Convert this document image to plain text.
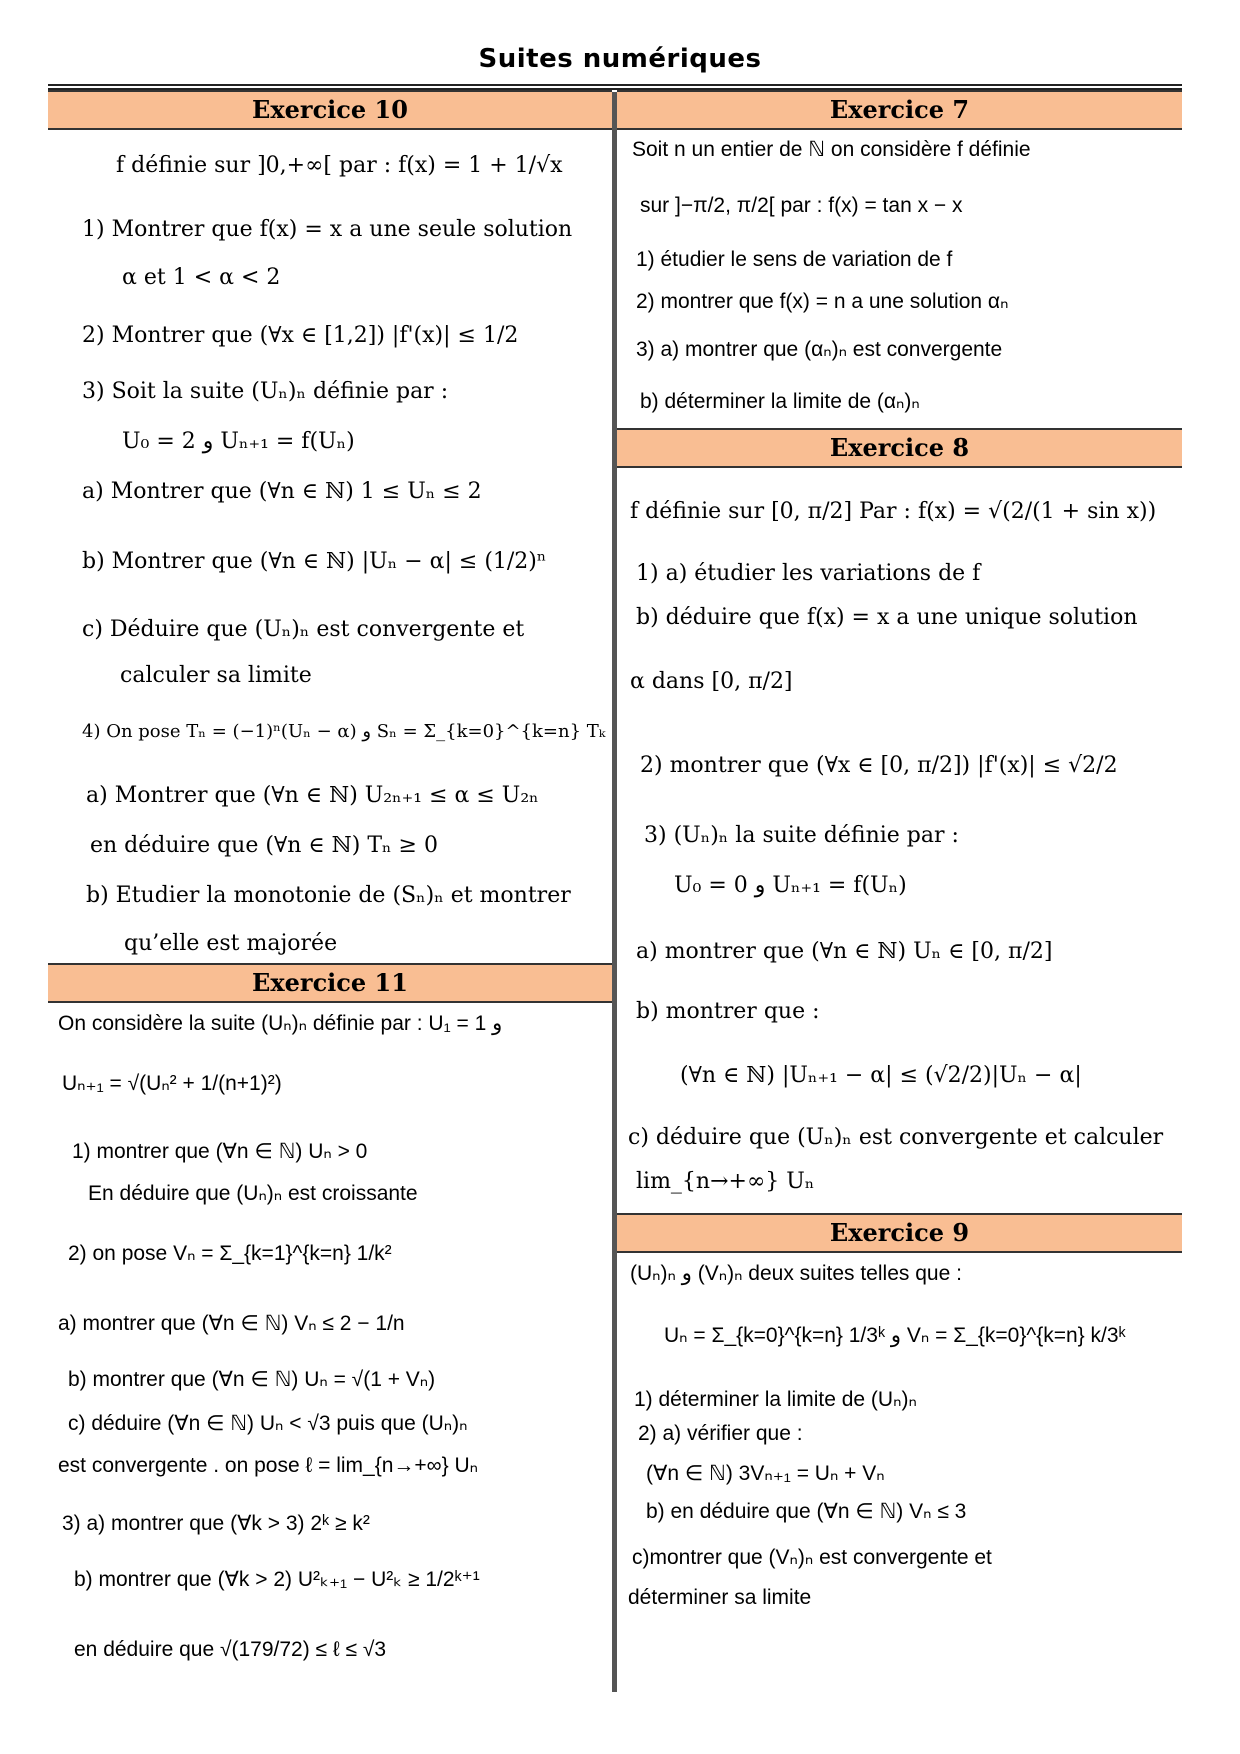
Suites numériques
Exercice 10	Exercice 7
Exercice 8
Exercice 11
Exercice 9
f définie sur ]0,+∞[ par : f(x) = 1 + 1/√x
1) Montrer que f(x) = x a une seule solution
α et 1 < α < 2
2) Montrer que (∀x ∈ [1,2]) |f'(x)| ≤ 1/2
3) Soit la suite (Uₙ)ₙ définie par :
U₀ = 2 و Uₙ₊₁ = f(Uₙ)
a) Montrer que (∀n ∈ ℕ) 1 ≤ Uₙ ≤ 2
b) Montrer que (∀n ∈ ℕ) |Uₙ − α| ≤ (1/2)ⁿ
c) Déduire que (Uₙ)ₙ est convergente et
calculer sa limite
4) On pose Tₙ = (−1)ⁿ(Uₙ − α) و Sₙ = Σ_{k=0}^{k=n} Tₖ
a) Montrer que (∀n ∈ ℕ) U₂ₙ₊₁ ≤ α ≤ U₂ₙ
en déduire que (∀n ∈ ℕ) Tₙ ≥ 0
b) Etudier la monotonie de (Sₙ)ₙ et montrer
qu’elle est majorée
On considère la suite (Uₙ)ₙ définie par : U₁ = 1 و
Uₙ₊₁ = √(Uₙ² + 1/(n+1)²)
1) montrer que (∀n ∈ ℕ) Uₙ > 0
En déduire que (Uₙ)ₙ est croissante
2) on pose Vₙ = Σ_{k=1}^{k=n} 1/k²
a) montrer que (∀n ∈ ℕ) Vₙ ≤ 2 − 1/n
b) montrer que (∀n ∈ ℕ) Uₙ = √(1 + Vₙ)
c) déduire (∀n ∈ ℕ) Uₙ < √3 puis que (Uₙ)ₙ
est convergente . on pose ℓ = lim_{n→+∞} Uₙ
3) a) montrer que (∀k > 3) 2ᵏ ≥ k²
b) montrer que (∀k > 2) U²ₖ₊₁ − U²ₖ ≥ 1/2ᵏ⁺¹
en déduire que √(179/72) ≤ ℓ ≤ √3
Soit n un entier de ℕ on considère f définie
sur ]−π/2, π/2[ par : f(x) = tan x − x
1) étudier le sens de variation de f
2) montrer que f(x) = n a une solution αₙ
3) a) montrer que (αₙ)ₙ est convergente
b) déterminer la limite de (αₙ)ₙ
f définie sur [0, π/2] Par : f(x) = √(2/(1 + sin x))
1) a) étudier les variations de f
b) déduire que f(x) = x a une unique solution
α dans [0, π/2]
2) montrer que (∀x ∈ [0, π/2]) |f'(x)| ≤ √2/2
3) (Uₙ)ₙ la suite définie par :
U₀ = 0 و Uₙ₊₁ = f(Uₙ)
a) montrer que (∀n ∈ ℕ) Uₙ ∈ [0, π/2]
b) montrer que :
(∀n ∈ ℕ) |Uₙ₊₁ − α| ≤ (√2/2)|Uₙ − α|
c) déduire que (Uₙ)ₙ est convergente et calculer
lim_{n→+∞} Uₙ
(Uₙ)ₙ و (Vₙ)ₙ deux suites telles que :
Uₙ = Σ_{k=0}^{k=n} 1/3ᵏ و Vₙ = Σ_{k=0}^{k=n} k/3ᵏ
1) déterminer la limite de (Uₙ)ₙ
2) a) vérifier que :
(∀n ∈ ℕ) 3Vₙ₊₁ = Uₙ + Vₙ
b) en déduire que (∀n ∈ ℕ) Vₙ ≤ 3
c)montrer que (Vₙ)ₙ est convergente et
déterminer sa limite
